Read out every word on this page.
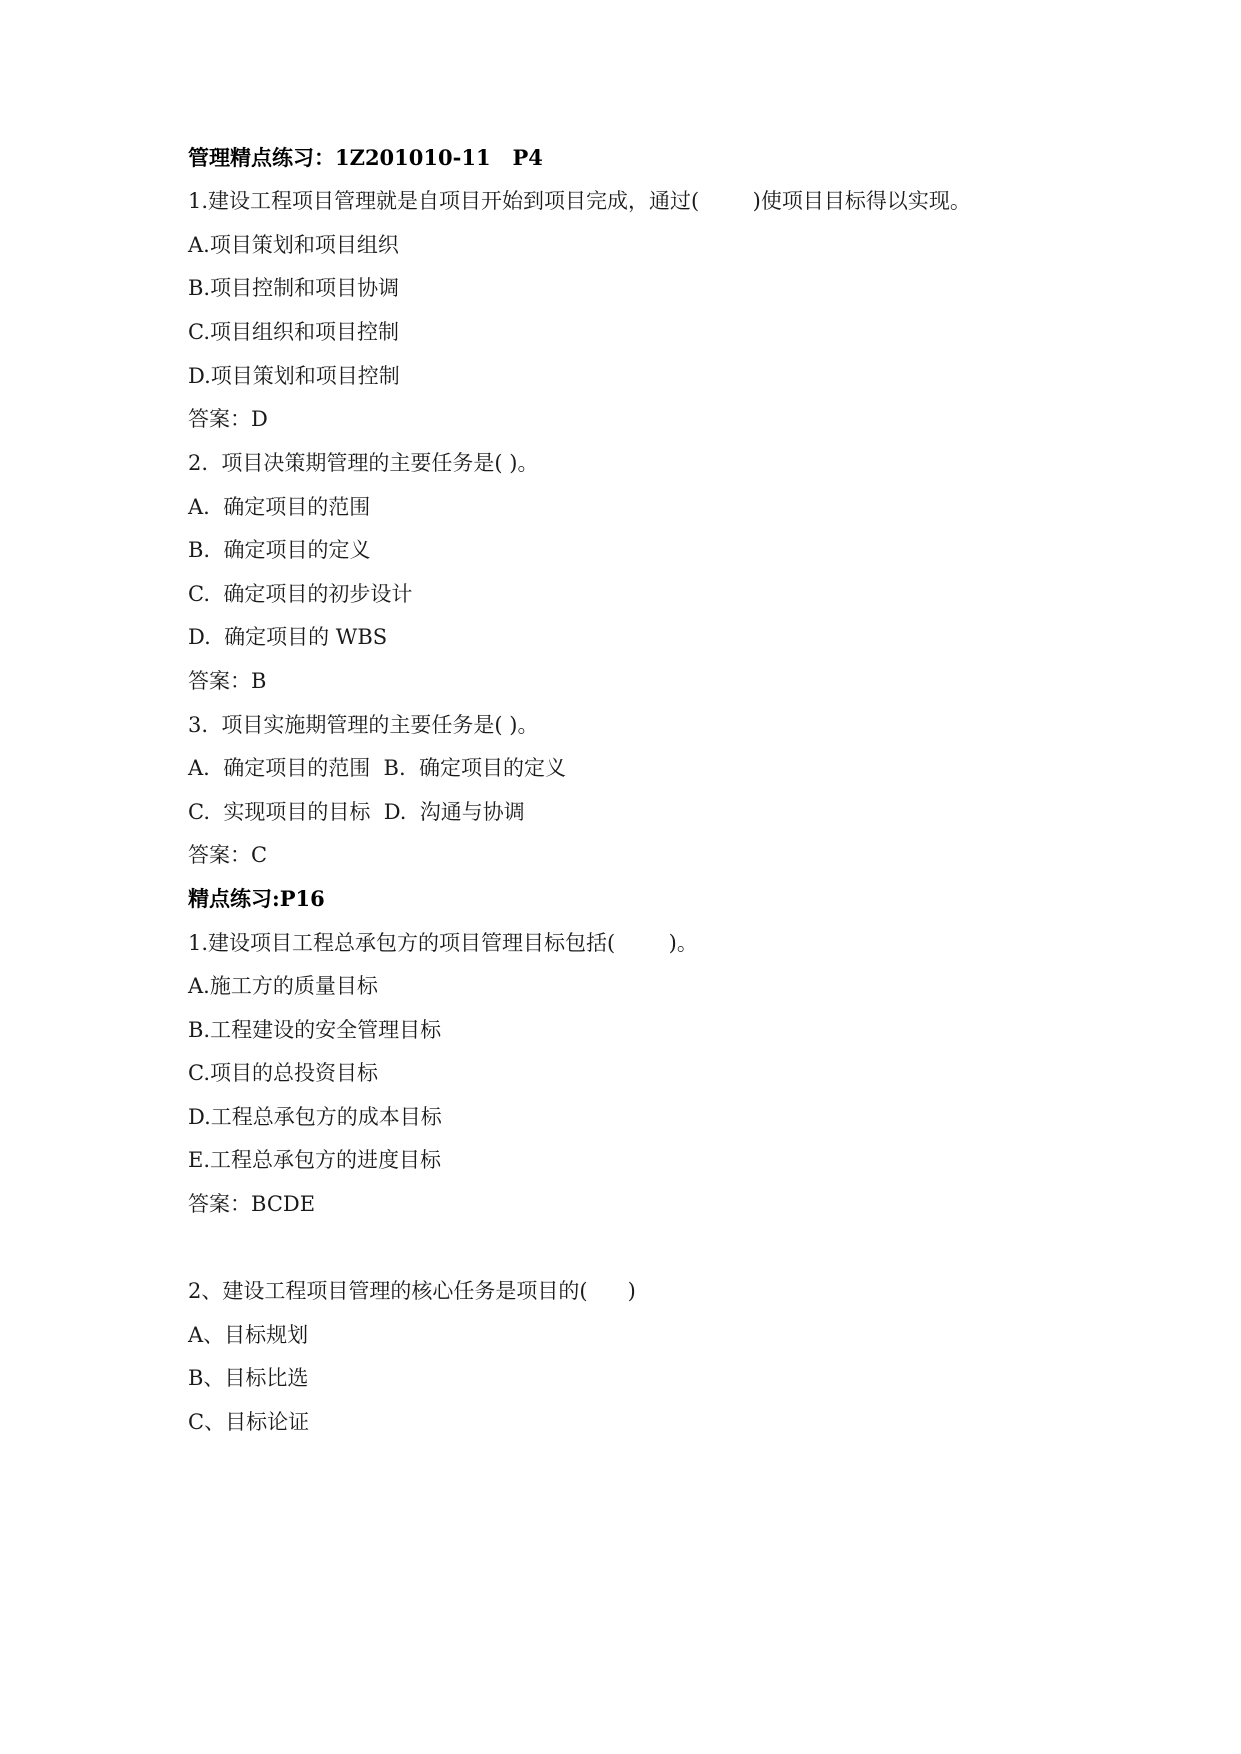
管理精点练习：1Z201010-11   P4

1.建设工程项目管理就是自项目开始到项目完成，通过(        )使项目目标得以实现。

A.项目策划和项目组织

B.项目控制和项目协调

C.项目组织和项目控制

D.项目策划和项目控制

答案：D

2.  项目决策期管理的主要任务是( )。

A.  确定项目的范围

B.  确定项目的定义

C.  确定项目的初步设计

D.  确定项目的 WBS

答案：B

3.  项目实施期管理的主要任务是( )。

A.  确定项目的范围  B.  确定项目的定义

C.  实现项目的目标  D.  沟通与协调

答案：C

精点练习:P16

1.建设项目工程总承包方的项目管理目标包括(        )。

A.施工方的质量目标

B.工程建设的安全管理目标

C.项目的总投资目标

D.工程总承包方的成本目标

E.工程总承包方的进度目标

答案：BCDE

2、建设工程项目管理的核心任务是项目的(      )

A、目标规划

B、目标比选

C、目标论证
